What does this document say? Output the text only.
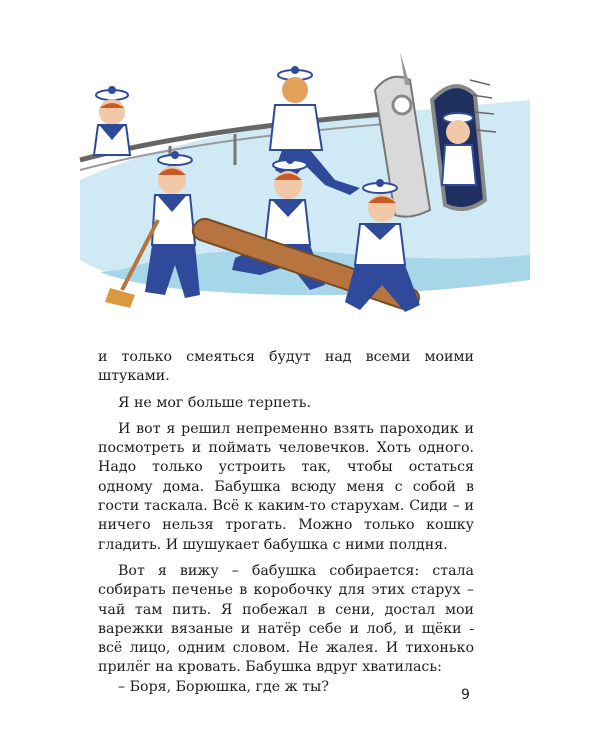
и только смеяться будут над всеми моими штуками.

Я не мог больше терпеть.

И вот я решил непременно взять пароходик и посмотреть и поймать человечков. Хоть одного. Надо только устроить так, чтобы остаться одному дома. Бабушка всюду меня с собой в гости таскала. Всё к каким-то старухам. Сиди – и ничего нельзя трогать. Можно только кошку гладить. И шушукает бабушка с ними полдня.

Вот я вижу – бабушка собирается: стала собирать печенье в коробочку для этих старух – чай там пить. Я побежал в сени, достал мои варежки вязаные и натёр себе и лоб, и щёки - всё лицо, одним словом. Не жалея. И тихонько прилёг на кровать. Бабушка вдруг хватилась:

– Боря, Борюшка, где ж ты?

9
